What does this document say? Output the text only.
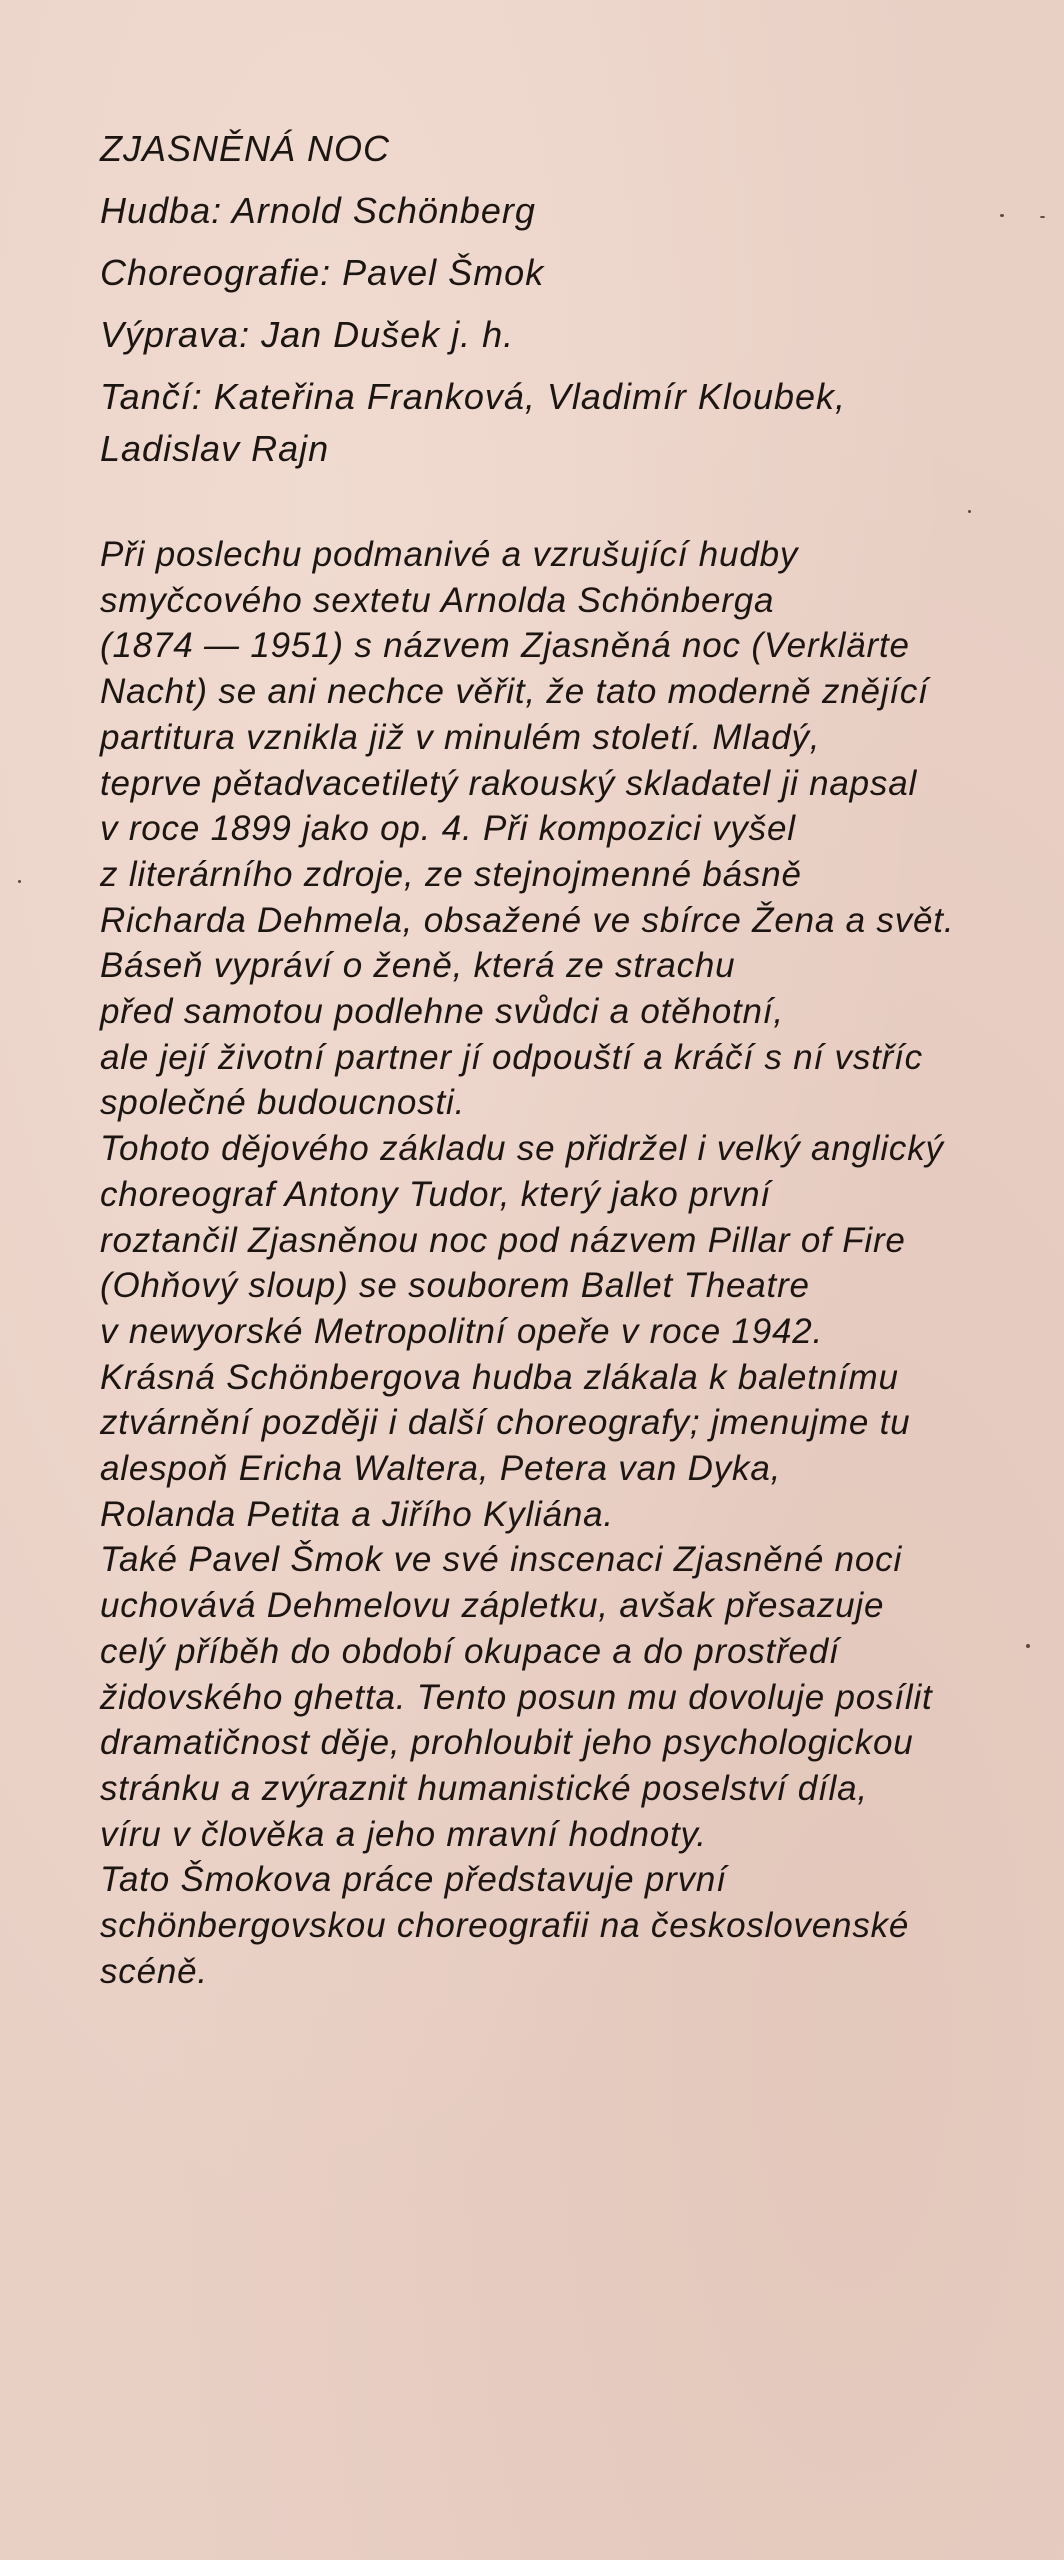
ZJASNĚNÁ NOC
Hudba: Arnold Schönberg
Choreografie: Pavel Šmok
Výprava: Jan Dušek j. h.
Tančí: Kateřina Franková, Vladimír Kloubek,
Ladislav Rajn
Při poslechu podmanivé a vzrušující hudby
smyčcového sextetu Arnolda Schönberga
(1874 — 1951) s názvem Zjasněná noc (Verklärte
Nacht) se ani nechce věřit, že tato moderně znějící
partitura vznikla již v minulém století. Mladý,
teprve pětadvacetiletý rakouský skladatel ji napsal
v roce 1899 jako op. 4. Při kompozici vyšel
z literárního zdroje, ze stejnojmenné básně
Richarda Dehmela, obsažené ve sbírce Žena a svět.
Báseň vypráví o ženě, která ze strachu
před samotou podlehne svůdci a otěhotní,
ale její životní partner jí odpouští a kráčí s ní vstříc
společné budoucnosti.
Tohoto dějového základu se přidržel i velký anglický
choreograf Antony Tudor, který jako první
roztančil Zjasněnou noc pod názvem Pillar of Fire
(Ohňový sloup) se souborem Ballet Theatre
v newyorské Metropolitní opeře v roce 1942.
Krásná Schönbergova hudba zlákala k baletnímu
ztvárnění později i další choreografy; jmenujme tu
alespoň Ericha Waltera, Petera van Dyka,
Rolanda Petita a Jiřího Kyliána.
Také Pavel Šmok ve své inscenaci Zjasněné noci
uchovává Dehmelovu zápletku, avšak přesazuje
celý příběh do období okupace a do prostředí
židovského ghetta. Tento posun mu dovoluje posílit
dramatičnost děje, prohloubit jeho psychologickou
stránku a zvýraznit humanistické poselství díla,
víru v člověka a jeho mravní hodnoty.
Tato Šmokova práce představuje první
schönbergovskou choreografii na československé
scéně.
